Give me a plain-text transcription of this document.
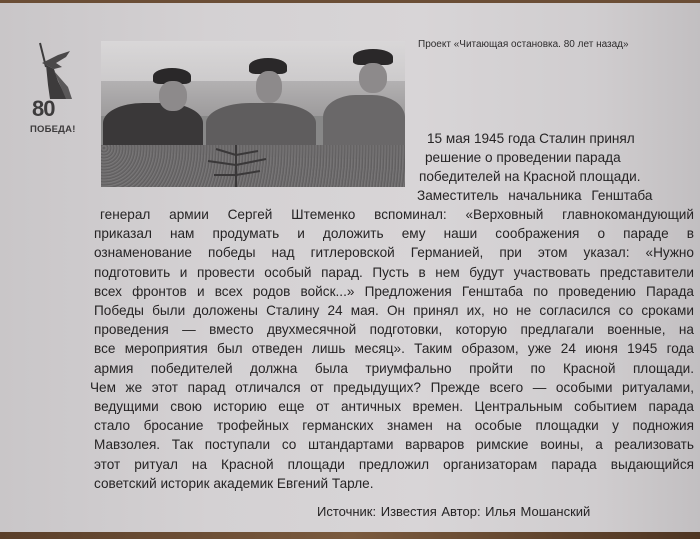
80
ПОБЕДА!
Проект «Читающая остановка. 80 лет назад»
15 мая 1945 года Сталин принял
решение о проведении парада
победителей на Красной площади.
Заместитель начальника Генштаба
генерал армии Сергей Штеменко вспоминал: «Верховный главнокомандующий
приказал нам продумать и доложить ему наши соображения о параде в
ознаменование победы над гитлеровской Германией, при этом указал: «Нужно
подготовить и провести особый парад. Пусть в нем будут участвовать представители
всех фронтов и всех родов войск...» Предложения Генштаба по проведению Парада
Победы были доложены Сталину 24 мая. Он принял их, но не согласился со сроками
проведения — вместо двухмесячной подготовки, которую предлагали военные, на
все мероприятия был отведен лишь месяц». Таким образом, уже 24 июня 1945 года
армия победителей должна была триумфально пройти по Красной площади.
Чем же этот парад отличался от предыдущих? Прежде всего — особыми ритуалами,
ведущими свою историю еще от античных времен. Центральным событием парада
стало бросание трофейных германских знамен на особые площадки у подножия
Мавзолея. Так поступали со штандартами варваров римские воины, а реализовать
этот ритуал на Красной площади предложил организаторам парада выдающийся
советский историк академик Евгений Тарле.
Источник: Известия Автор: Илья Мошанский
